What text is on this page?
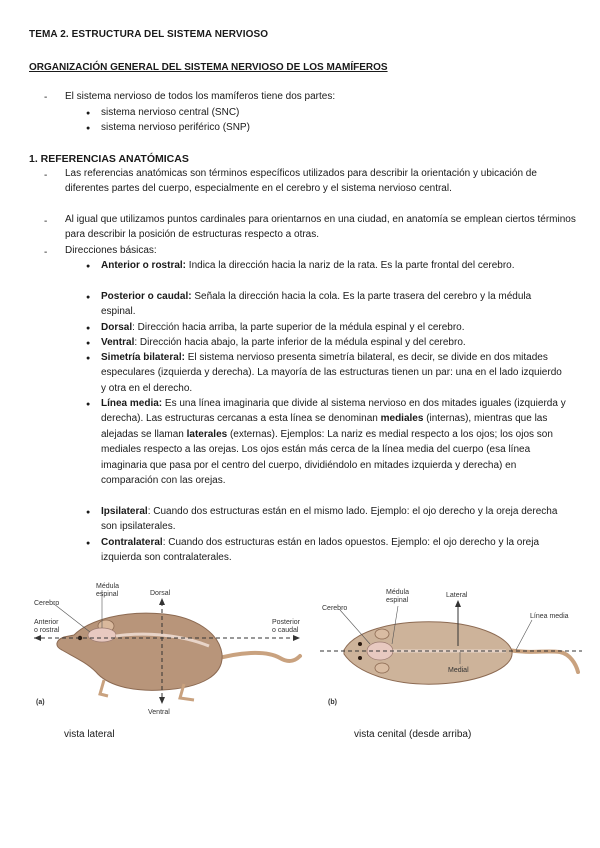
TEMA 2. ESTRUCTURA DEL SISTEMA NERVIOSO
ORGANIZACIÓN GENERAL DEL SISTEMA NERVIOSO DE LOS MAMÍFEROS
- El sistema nervioso de todos los mamíferos tiene dos partes:
● sistema nervioso central (SNC)
● sistema nervioso periférico (SNP)
1. REFERENCIAS ANATÓMICAS
- Las referencias anatómicas son términos específicos utilizados para describir la orientación y ubicación de diferentes partes del cuerpo, especialmente en el cerebro y el sistema nervioso central.
- Al igual que utilizamos puntos cardinales para orientarnos en una ciudad, en anatomía se emplean ciertos términos para describir la posición de estructuras respecto a otras.
- Direcciones básicas:
● Anterior o rostral: Indica la dirección hacia la nariz de la rata. Es la parte frontal del cerebro.
● Posterior o caudal: Señala la dirección hacia la cola. Es la parte trasera del cerebro y la médula espinal.
● Dorsal: Dirección hacia arriba, la parte superior de la médula espinal y el cerebro.
● Ventral: Dirección hacia abajo, la parte inferior de la médula espinal y del cerebro.
● Simetría bilateral: El sistema nervioso presenta simetría bilateral, es decir, se divide en dos mitades especulares (izquierda y derecha). La mayoría de las estructuras tienen un par: una en el lado izquierdo y otra en el derecho.
● Línea media: Es una línea imaginaria que divide al sistema nervioso en dos mitades iguales (izquierda y derecha). Las estructuras cercanas a esta línea se denominan mediales (internas), mientras que las alejadas se llaman laterales (externas). Ejemplos: La nariz es medial respecto a los ojos; los ojos son mediales respecto a las orejas. Los ojos están más cerca de la línea media del cuerpo (esa línea imaginaria que pasa por el centro del cuerpo, dividiéndolo en mitades izquierda y derecha) en comparación con las orejas.
● Ipsilateral: Cuando dos estructuras están en el mismo lado. Ejemplo: el ojo derecho y la oreja derecha son ipsilaterales.
● Contralateral: Cuando dos estructuras están en lados opuestos. Ejemplo: el ojo derecho y la oreja izquierda son contralaterales.
Médula
espinal
Cerebro
Dorsal
Anterior
o rostral
Posterior
o caudal
Ventral
(a)
Médula
espinal
Cerebro
Lateral
Línea media
Medial
(b)
vista lateral	vista cenital (desde arriba)
